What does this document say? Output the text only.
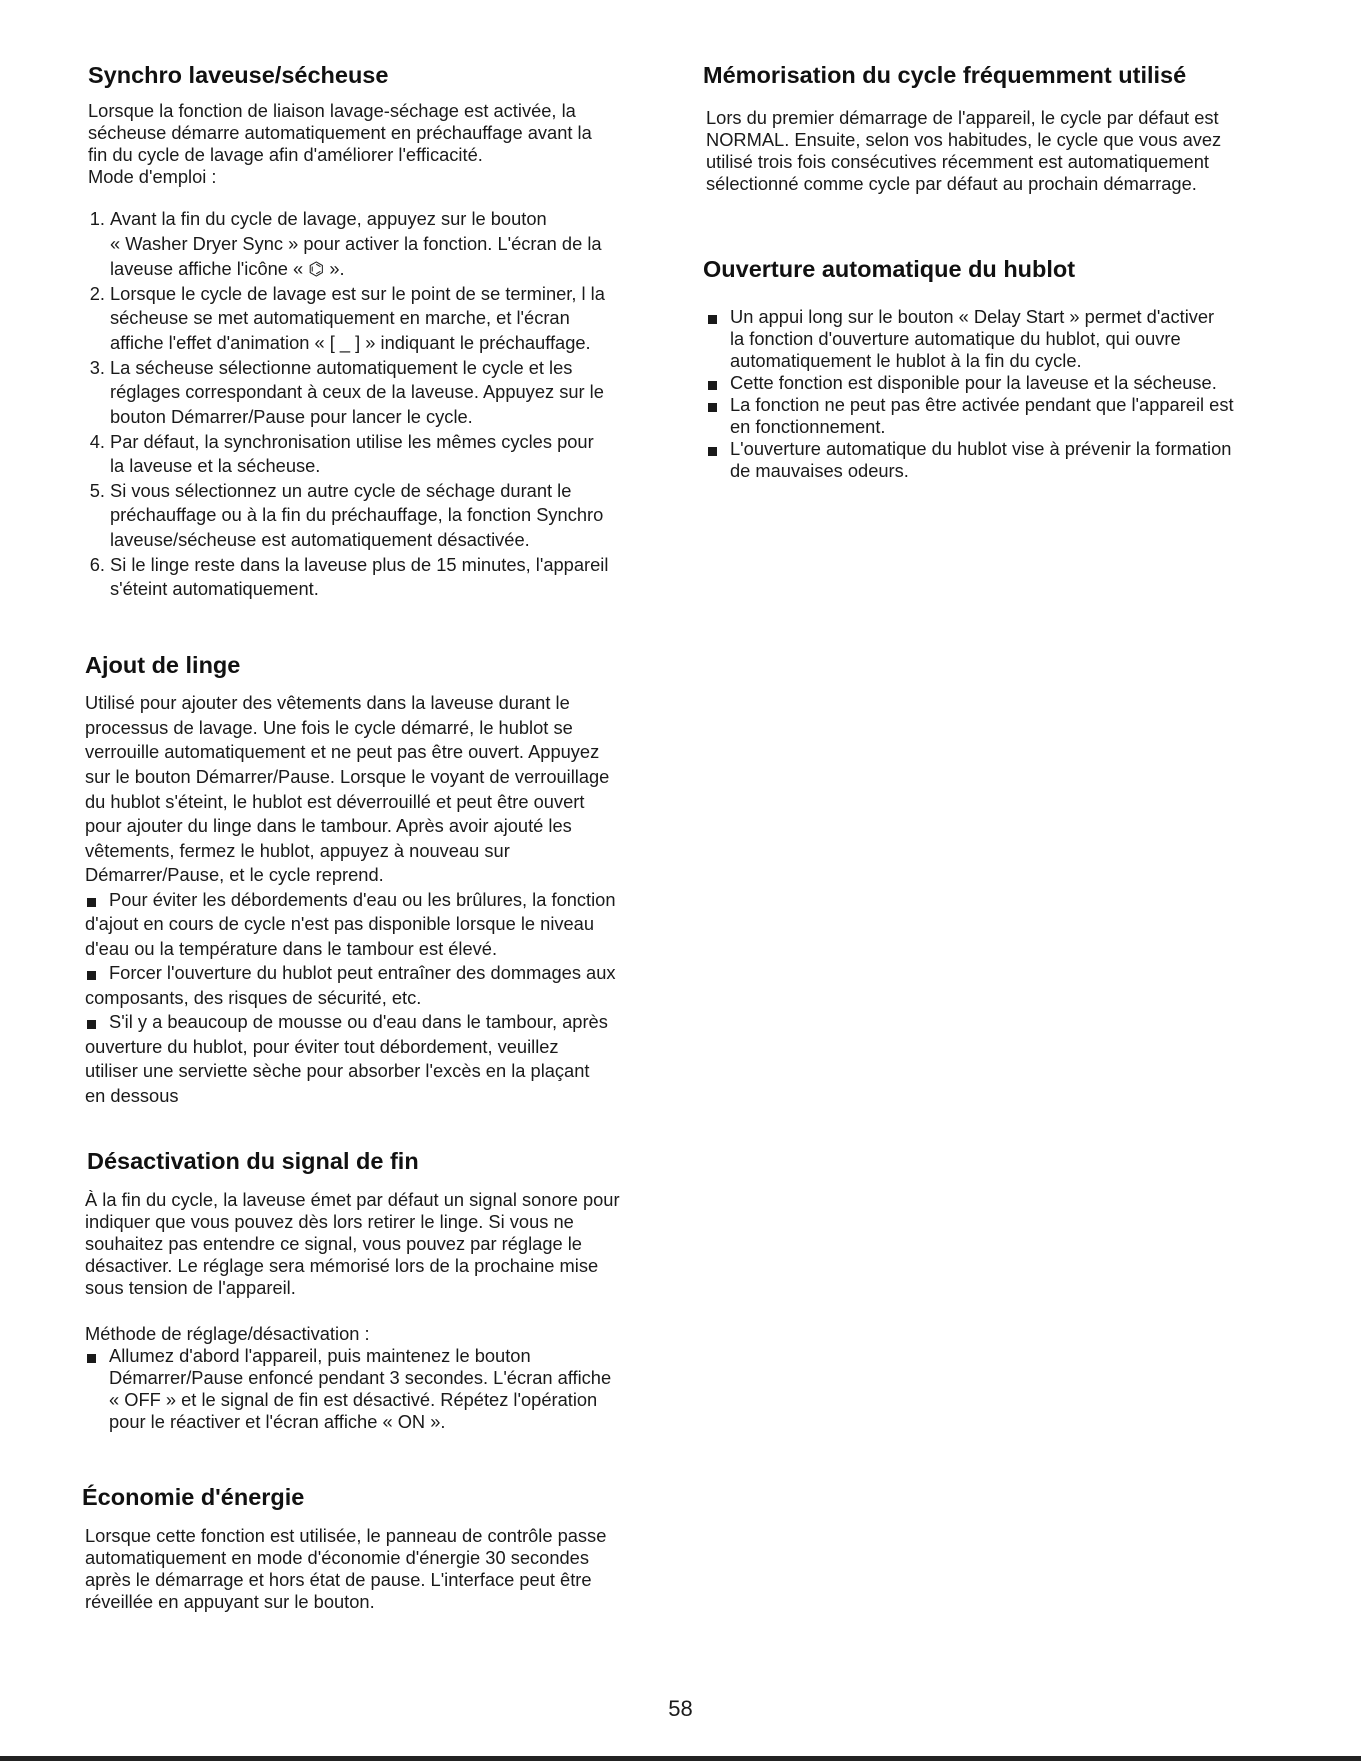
Synchro laveuse/sécheuse
Lorsque la fonction de liaison lavage-séchage est activée, la
sécheuse démarre automatiquement en préchauffage avant la
fin du cycle de lavage afin d'améliorer l'efficacité.
Mode d'emploi :
1. Avant la fin du cycle de lavage, appuyez sur le bouton
« Washer Dryer Sync » pour activer la fonction. L'écran de la
laveuse affiche l'icône « ⌬ ».
2. Lorsque le cycle de lavage est sur le point de se terminer, l la
sécheuse se met automatiquement en marche, et l'écran
affiche l'effet d'animation « [ _ ] » indiquant le préchauffage.
3. La sécheuse sélectionne automatiquement le cycle et les
réglages correspondant à ceux de la laveuse. Appuyez sur le
bouton Démarrer/Pause pour lancer le cycle.
4. Par défaut, la synchronisation utilise les mêmes cycles pour
la laveuse et la sécheuse.
5. Si vous sélectionnez un autre cycle de séchage durant le
préchauffage ou à la fin du préchauffage, la fonction Synchro
laveuse/sécheuse est automatiquement désactivée.
6. Si le linge reste dans la laveuse plus de 15 minutes, l'appareil
s'éteint automatiquement.
Ajout de linge
Utilisé pour ajouter des vêtements dans la laveuse durant le
processus de lavage. Une fois le cycle démarré, le hublot se
verrouille automatiquement et ne peut pas être ouvert. Appuyez
sur le bouton Démarrer/Pause. Lorsque le voyant de verrouillage
du hublot s'éteint, le hublot est déverrouillé et peut être ouvert
pour ajouter du linge dans le tambour. Après avoir ajouté les
vêtements, fermez le hublot, appuyez à nouveau sur
Démarrer/Pause, et le cycle reprend.
Pour éviter les débordements d'eau ou les brûlures, la fonction
d'ajout en cours de cycle n'est pas disponible lorsque le niveau
d'eau ou la température dans le tambour est élevé.
Forcer l'ouverture du hublot peut entraîner des dommages aux
composants, des risques de sécurité, etc.
S'il y a beaucoup de mousse ou d'eau dans le tambour, après
ouverture du hublot, pour éviter tout débordement, veuillez
utiliser une serviette sèche pour absorber l'excès en la plaçant
en dessous
Désactivation du signal de fin
À la fin du cycle, la laveuse émet par défaut un signal sonore pour
indiquer que vous pouvez dès lors retirer le linge. Si vous ne
souhaitez pas entendre ce signal, vous pouvez par réglage le
désactiver. Le réglage sera mémorisé lors de la prochaine mise
sous tension de l'appareil.
Méthode de réglage/désactivation :
Allumez d'abord l'appareil, puis maintenez le bouton
Démarrer/Pause enfoncé pendant 3 secondes. L'écran affiche
« OFF » et le signal de fin est désactivé. Répétez l'opération
pour le réactiver et l'écran affiche « ON ».
Économie d'énergie
Lorsque cette fonction est utilisée, le panneau de contrôle passe
automatiquement en mode d'économie d'énergie 30 secondes
après le démarrage et hors état de pause. L'interface peut être
réveillée en appuyant sur le bouton.
Mémorisation du cycle fréquemment utilisé
Lors du premier démarrage de l'appareil, le cycle par défaut est
NORMAL. Ensuite, selon vos habitudes, le cycle que vous avez
utilisé trois fois consécutives récemment est automatiquement
sélectionné comme cycle par défaut au prochain démarrage.
Ouverture automatique du hublot
Un appui long sur le bouton « Delay Start » permet d'activer
la fonction d'ouverture automatique du hublot, qui ouvre
automatiquement le hublot à la fin du cycle.
Cette fonction est disponible pour la laveuse et la sécheuse.
La fonction ne peut pas être activée pendant que l'appareil est
en fonctionnement.
L'ouverture automatique du hublot vise à prévenir la formation
de mauvaises odeurs.
58
